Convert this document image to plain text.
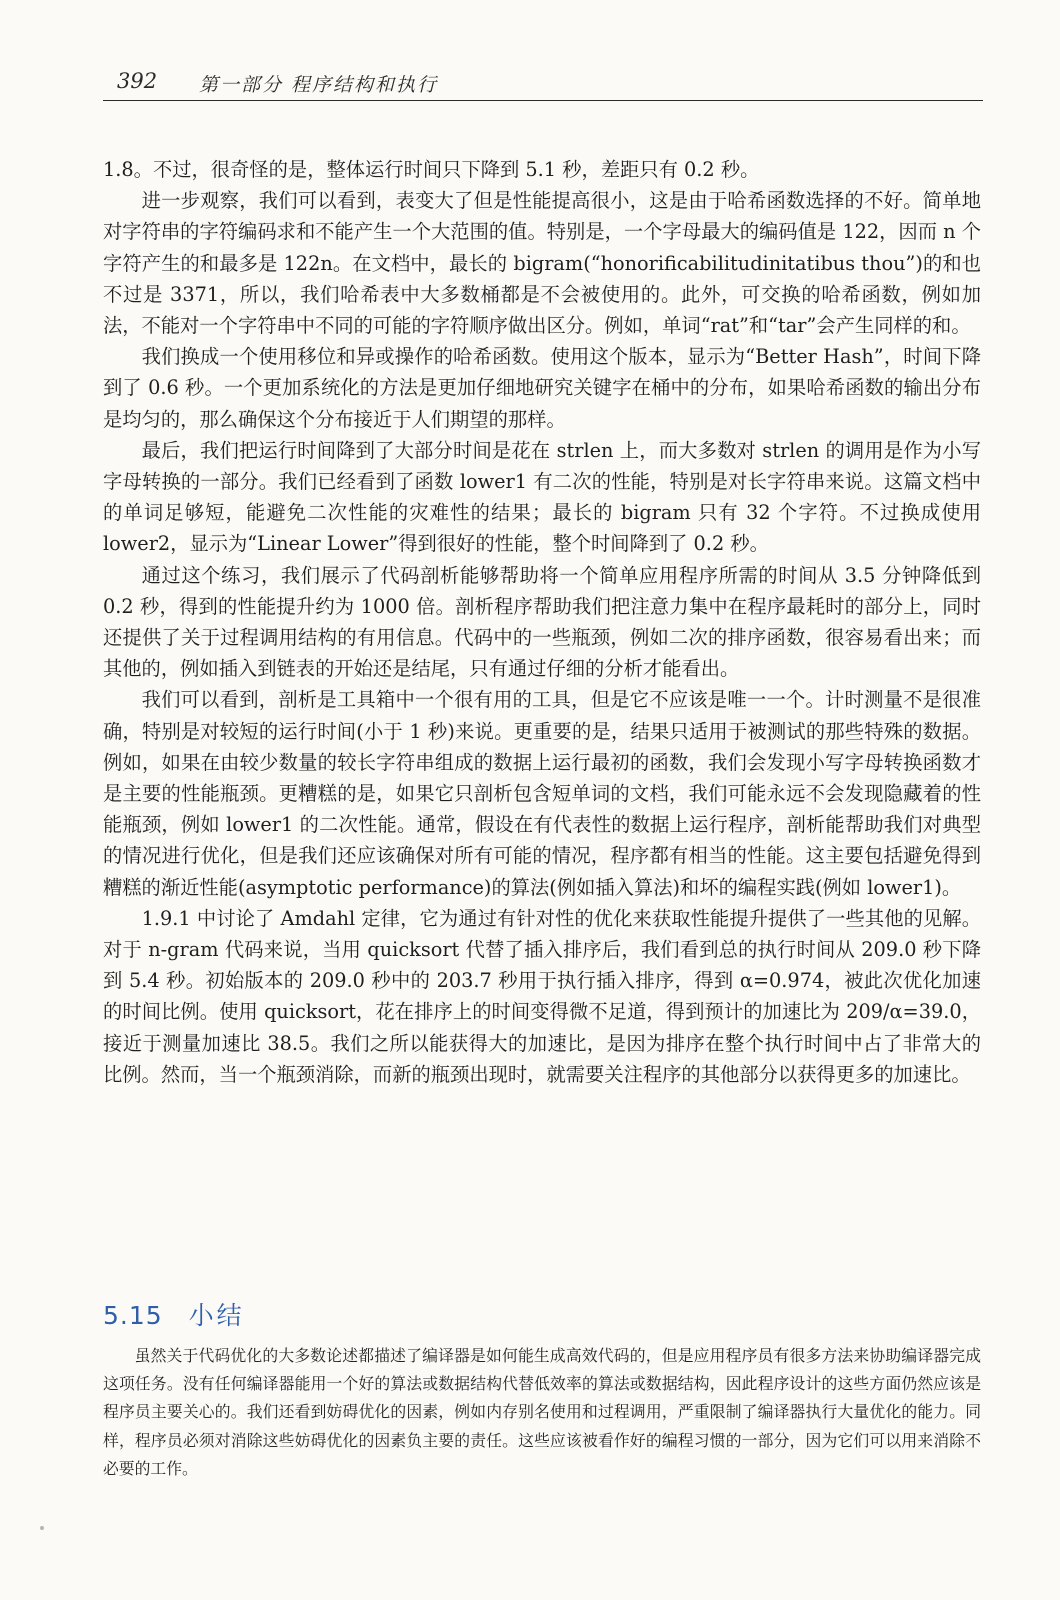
392 第一部分 程序结构和执行

1.8。不过，很奇怪的是，整体运行时间只下降到 5.1 秒，差距只有 0.2 秒。

进一步观察，我们可以看到，表变大了但是性能提高很小，这是由于哈希函数选择的不好。简单地对字符串的字符编码求和不能产生一个大范围的值。特别是，一个字母最大的编码值是 122，因而 n 个字符产生的和最多是 122n。在文档中，最长的 bigram(“honorificabilitudinitatibus thou”)的和也不过是 3371，所以，我们哈希表中大多数桶都是不会被使用的。此外，可交换的哈希函数，例如加法，不能对一个字符串中不同的可能的字符顺序做出区分。例如，单词“rat”和“tar”会产生同样的和。

我们换成一个使用移位和异或操作的哈希函数。使用这个版本，显示为“Better Hash”，时间下降到了 0.6 秒。一个更加系统化的方法是更加仔细地研究关键字在桶中的分布，如果哈希函数的输出分布是均匀的，那么确保这个分布接近于人们期望的那样。

最后，我们把运行时间降到了大部分时间是花在 strlen 上，而大多数对 strlen 的调用是作为小写字母转换的一部分。我们已经看到了函数 lower1 有二次的性能，特别是对长字符串来说。这篇文档中的单词足够短，能避免二次性能的灾难性的结果；最长的 bigram 只有 32 个字符。不过换成使用 lower2，显示为“Linear Lower”得到很好的性能，整个时间降到了 0.2 秒。

通过这个练习，我们展示了代码剖析能够帮助将一个简单应用程序所需的时间从 3.5 分钟降低到 0.2 秒，得到的性能提升约为 1000 倍。剖析程序帮助我们把注意力集中在程序最耗时的部分上，同时还提供了关于过程调用结构的有用信息。代码中的一些瓶颈，例如二次的排序函数，很容易看出来；而其他的，例如插入到链表的开始还是结尾，只有通过仔细的分析才能看出。

我们可以看到，剖析是工具箱中一个很有用的工具，但是它不应该是唯一一个。计时测量不是很准确，特别是对较短的运行时间(小于 1 秒)来说。更重要的是，结果只适用于被测试的那些特殊的数据。例如，如果在由较少数量的较长字符串组成的数据上运行最初的函数，我们会发现小写字母转换函数才是主要的性能瓶颈。更糟糕的是，如果它只剖析包含短单词的文档，我们可能永远不会发现隐藏着的性能瓶颈，例如 lower1 的二次性能。通常，假设在有代表性的数据上运行程序，剖析能帮助我们对典型的情况进行优化，但是我们还应该确保对所有可能的情况，程序都有相当的性能。这主要包括避免得到糟糕的渐近性能(asymptotic performance)的算法(例如插入算法)和坏的编程实践(例如 lower1)。

1.9.1 中讨论了 Amdahl 定律，它为通过有针对性的优化来获取性能提升提供了一些其他的见解。对于 n-gram 代码来说，当用 quicksort 代替了插入排序后，我们看到总的执行时间从 209.0 秒下降到 5.4 秒。初始版本的 209.0 秒中的 203.7 秒用于执行插入排序，得到 α=0.974，被此次优化加速的时间比例。使用 quicksort，花在排序上的时间变得微不足道，得到预计的加速比为 209/α=39.0，接近于测量加速比 38.5。我们之所以能获得大的加速比，是因为排序在整个执行时间中占了非常大的比例。然而，当一个瓶颈消除，而新的瓶颈出现时，就需要关注程序的其他部分以获得更多的加速比。

5.15 小结

虽然关于代码优化的大多数论述都描述了编译器是如何能生成高效代码的，但是应用程序员有很多方法来协助编译器完成这项任务。没有任何编译器能用一个好的算法或数据结构代替低效率的算法或数据结构，因此程序设计的这些方面仍然应该是程序员主要关心的。我们还看到妨碍优化的因素，例如内存别名使用和过程调用，严重限制了编译器执行大量优化的能力。同样，程序员必须对消除这些妨碍优化的因素负主要的责任。这些应该被看作好的编程习惯的一部分，因为它们可以用来消除不必要的工作。
